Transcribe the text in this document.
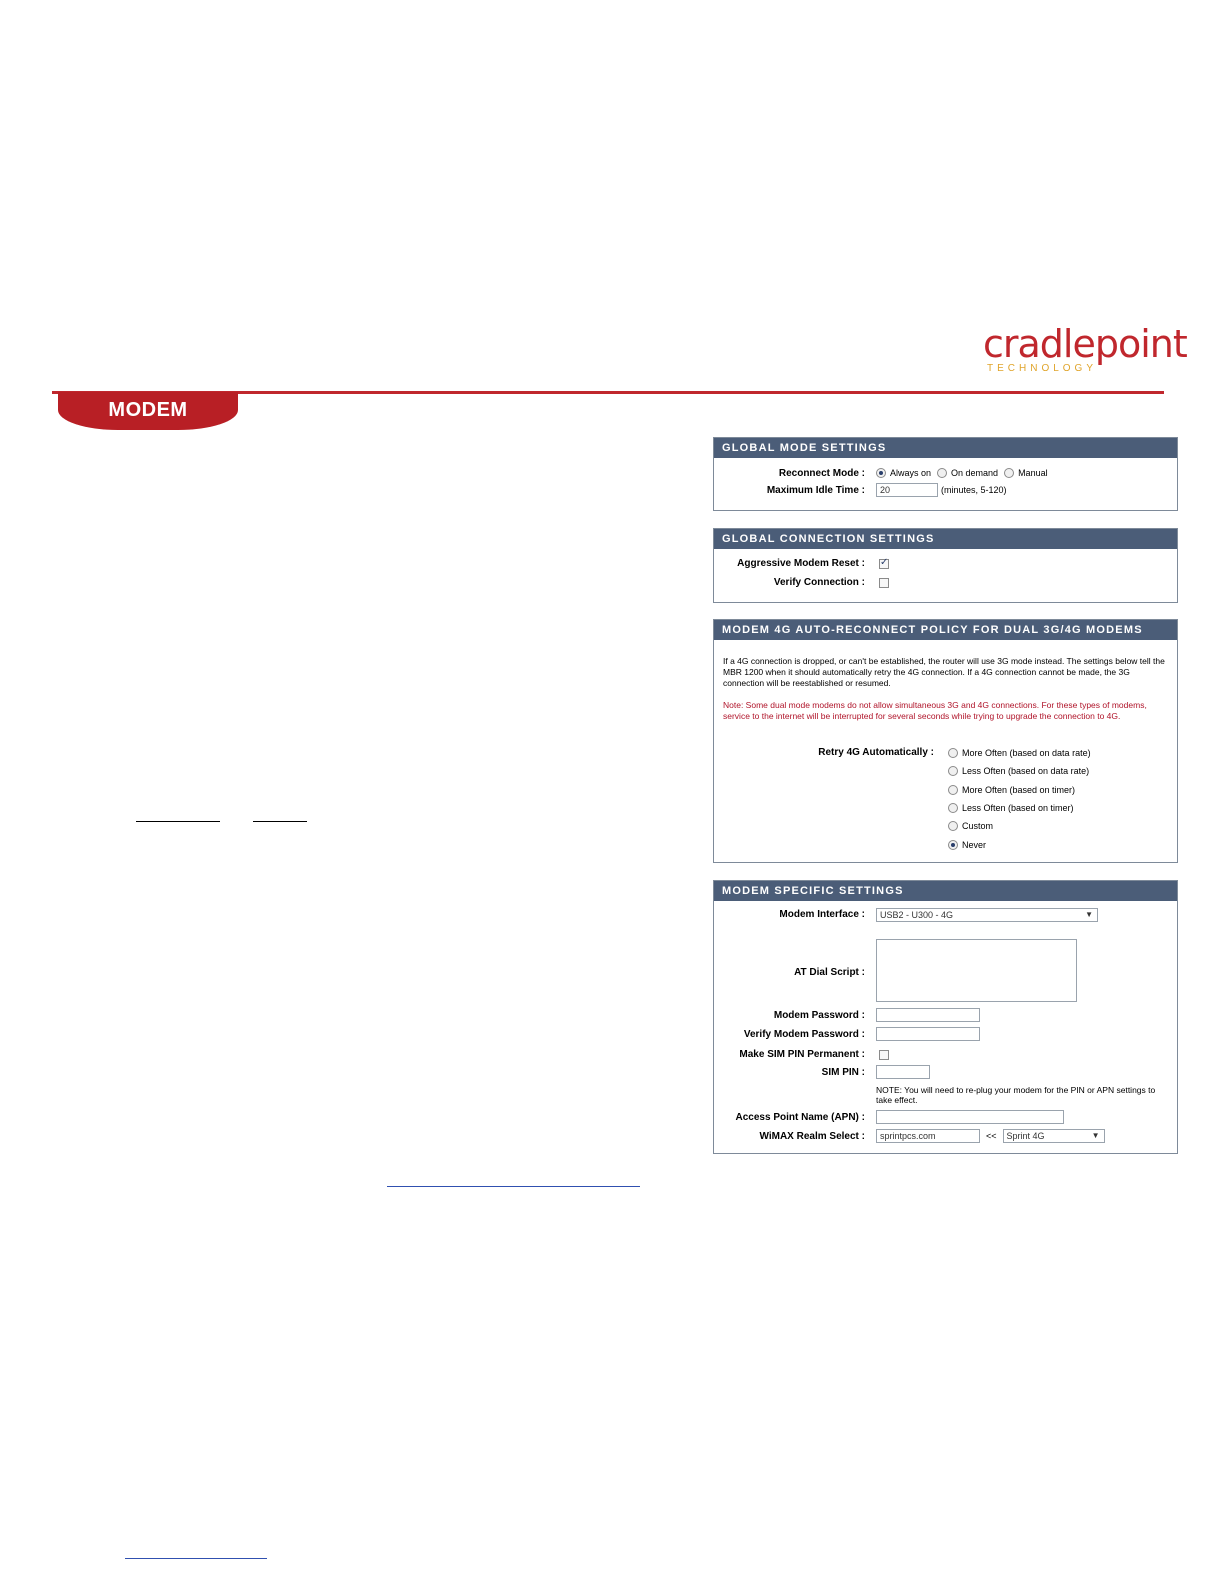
cradlepoint
TECHNOLOGY
MODEM
GLOBAL MODE SETTINGS
Reconnect Mode :	Always on On demand Manual
Maximum Idle Time :	20	(minutes, 5-120)
GLOBAL CONNECTION SETTINGS
Aggressive Modem Reset :
✓
Verify Connection :
MODEM 4G AUTO-RECONNECT POLICY FOR DUAL 3G/4G MODEMS
If a 4G connection is dropped, or can't be established, the router will use 3G mode instead. The settings below tell the MBR 1200 when it should automatically retry the 4G connection. If a 4G connection cannot be made, the 3G connection will be reestablished or resumed.
Note: Some dual mode modems do not allow simultaneous 3G and 4G connections. For these types of modems, service to the internet will be interrupted for several seconds while trying to upgrade the connection to 4G.
Retry 4G Automatically :	More Often (based on data rate)
Less Often (based on data rate)
More Often (based on timer)
Less Often (based on timer)
Custom
Never
MODEM SPECIFIC SETTINGS
Modem Interface :	USB2 - U300 - 4G	▼
AT Dial Script :
Modem Password :
Verify Modem Password :
Make SIM PIN Permanent :
SIM PIN :
NOTE: You will need to re-plug your modem for the PIN or APN settings to take effect.
Access Point Name (APN) :
WiMAX Realm Select :	sprintpcs.com	<<	Sprint 4G	▼
